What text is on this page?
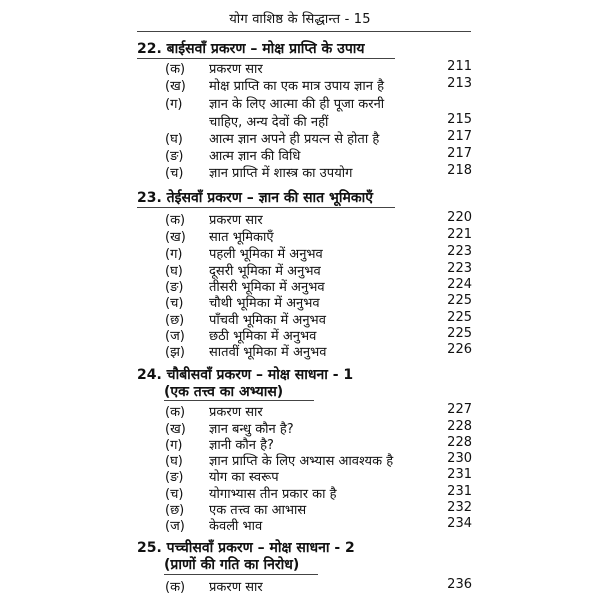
योग वाशिष्ठ के सिद्धान्त - 15
22. बाईसवाँ प्रकरण – मोक्ष प्राप्ति के उपाय
(क) प्रकरण सार	211
(ख) मोक्ष प्राप्ति का एक मात्र उपाय ज्ञान है	213
(ग) ज्ञान के लिए आत्मा की ही पूजा करनी
चाहिए, अन्य देवों की नहीं	215
(घ) आत्म ज्ञान अपने ही प्रयत्न से होता है	217
(ङ) आत्म ज्ञान की विधि	217
(च) ज्ञान प्राप्ति में शास्त्र का उपयोग	218
23. तेईसवाँ प्रकरण – ज्ञान की सात भूमिकाएँ
(क) प्रकरण सार	220
(ख) सात भूमिकाएँ	221
(ग) पहली भूमिका में अनुभव	223
(घ) दूसरी भूमिका में अनुभव	223
(ङ) तीसरी भूमिका में अनुभव	224
(च) चौथी भूमिका में अनुभव	225
(छ) पाँचवी भूमिका में अनुभव	225
(ज) छठी भूमिका में अनुभव	225
(झ) सातवीं भूमिका में अनुभव	226
24. चौबीसवाँ प्रकरण – मोक्ष साधना - 1
(एक तत्त्व का अभ्यास)
(क) प्रकरण सार	227
(ख) ज्ञान बन्धु कौन है?	228
(ग) ज्ञानी कौन है?	228
(घ) ज्ञान प्राप्ति के लिए अभ्यास आवश्यक है	230
(ङ) योग का स्वरूप	231
(च) योगाभ्यास तीन प्रकार का है	231
(छ) एक तत्त्व का आभास	232
(ज) केवली भाव	234
25. पच्चीसवाँ प्रकरण – मोक्ष साधना - 2
(प्राणों की गति का निरोध)
(क) प्रकरण सार	236
